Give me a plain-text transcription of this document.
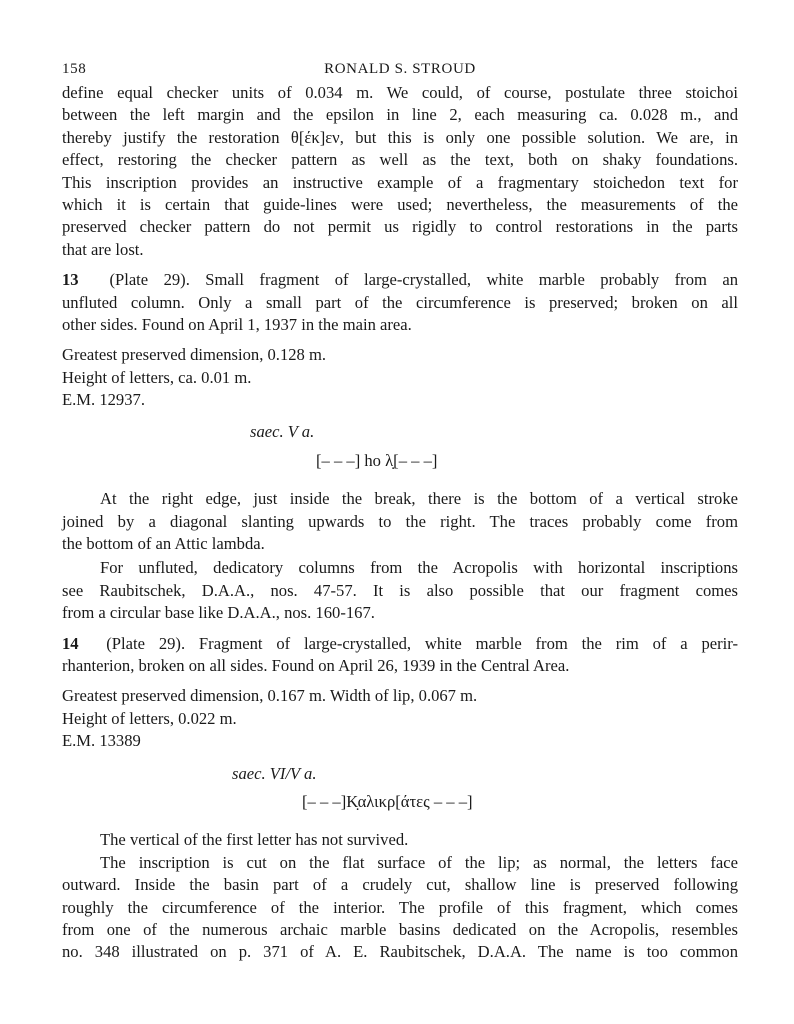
158	RONALD S. STROUD
define equal checker units of 0.034 m. We could, of course, postulate three stoichoi
between the left margin and the epsilon in line 2, each measuring ca. 0.028 m., and
thereby justify the restoration θ[έκ]εν, but this is only one possible solution. We are, in
effect, restoring the checker pattern as well as the text, both on shaky foundations.
This inscription provides an instructive example of a fragmentary stoichedon text for
which it is certain that guide-lines were used; nevertheless, the measurements of the
preserved checker pattern do not permit us rigidly to control restorations in the parts
that are lost.
13 (Plate 29). Small fragment of large-crystalled, white marble probably from an
unfluted column. Only a small part of the circumference is preserved; broken on all
other sides. Found on April 1, 1937 in the main area.
Greatest preserved dimension, 0.128 m.
Height of letters, ca. 0.01 m.
E.M. 12937.
saec. V a.
[– – –] ho λ̣[– – –]
At the right edge, just inside the break, there is the bottom of a vertical stroke
joined by a diagonal slanting upwards to the right. The traces probably come from
the bottom of an Attic lambda.
For unfluted, dedicatory columns from the Acropolis with horizontal inscriptions
see Raubitschek, D.A.A., nos. 47-57. It is also possible that our fragment comes
from a circular base like D.A.A., nos. 160-167.
14 (Plate 29). Fragment of large-crystalled, white marble from the rim of a perir-
rhanterion, broken on all sides. Found on April 26, 1939 in the Central Area.
Greatest preserved dimension, 0.167 m. Width of lip, 0.067 m.
Height of letters, 0.022 m.
E.M. 13389
saec. VI/V a.
[– – –]Κ̣αλικρ[άτες – – –]
The vertical of the first letter has not survived.
The inscription is cut on the flat surface of the lip; as normal, the letters face
outward. Inside the basin part of a crudely cut, shallow line is preserved following
roughly the circumference of the interior. The profile of this fragment, which comes
from one of the numerous archaic marble basins dedicated on the Acropolis, resembles
no. 348 illustrated on p. 371 of A. E. Raubitschek, D.A.A. The name is too common
